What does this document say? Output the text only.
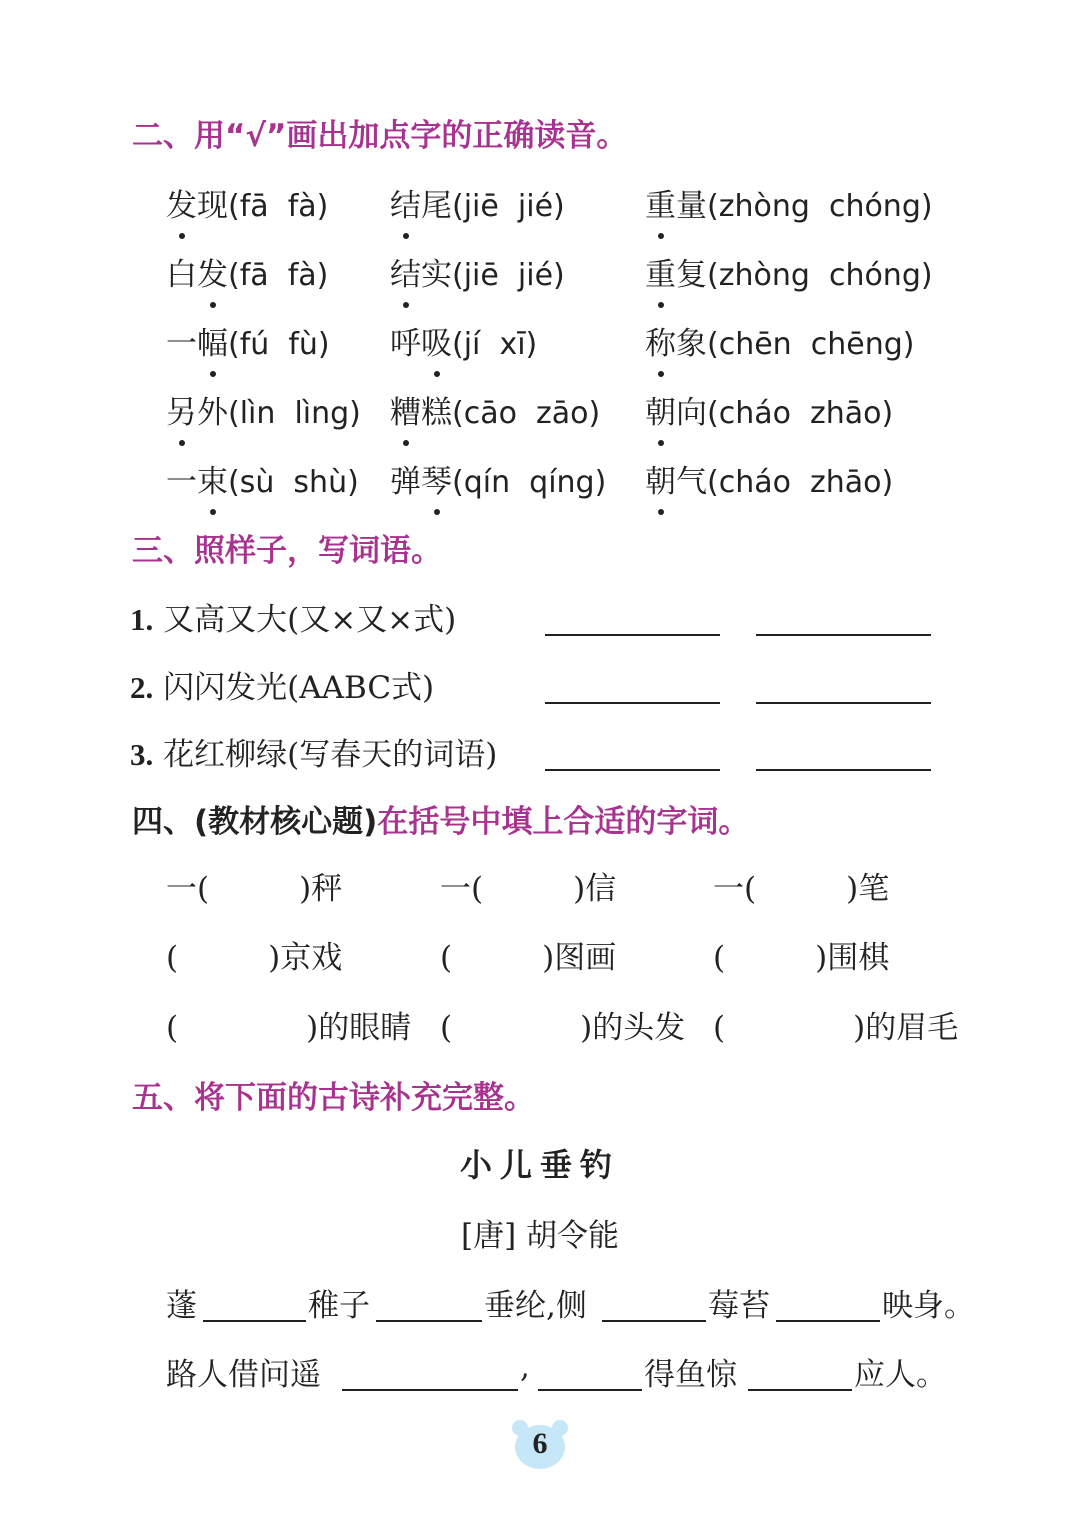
二、用“√”画出加点字的正确读音。
发现(fā  fà) 结尾(jiē  jié)	重量(zhòng  chóng)
白发(fā  fà) 结实(jiē  jié)	重复(zhòng  chóng)
一幅(fú  fù) 呼吸(jí  xī)	称象(chēn  chēng)
另外(lìn  lìng) 糟糕(cāo  zāo) 朝向(cháo  zhāo)
一束(sù  shù) 弹琴(qín  qíng) 朝气(cháo  zhāo)
三、照样子，写词语。
1. 又高又大(又×又×式)
2. 闪闪发光(AABC式)
3. 花红柳绿(写春天的词语)
四、(教材核心题)在括号中填上合适的字词。
一(	)秤	一(	)信	一(	)笔
(	)京戏	(	)图画	(	)围棋
(	)的眼睛 (	)的头发 (	)的眉毛
五、将下面的古诗补充完整。
小儿垂钓
[唐] 胡令能
蓬	稚子	垂纶,侧	莓苔	映身。
路人借问遥	,	得鱼惊	应人。
6
